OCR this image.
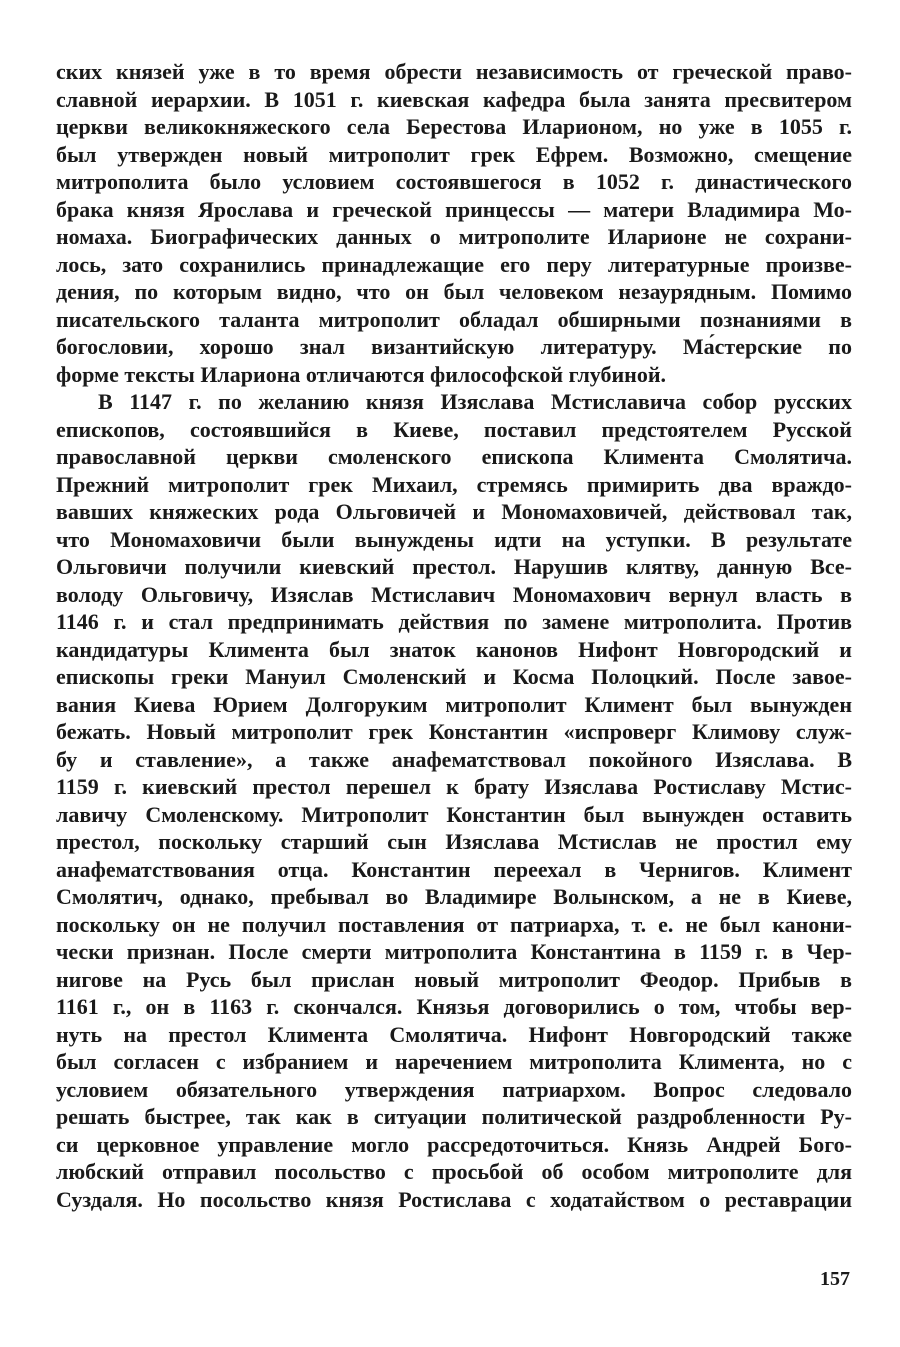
ских князей уже в то время обрести независимость от греческой право-
славной иерархии. В 1051 г. киевская кафедра была занята пресвитером
церкви великокняжеского села Берестова Иларионом, но уже в 1055 г.
был утвержден новый митрополит грек Ефрем. Возможно, смещение
митрополита было условием состоявшегося в 1052 г. династического
брака князя Ярослава и греческой принцессы — матери Владимира Мо-
номаха. Биографических данных о митрополите Иларионе не сохрани-
лось, зато сохранились принадлежащие его перу литературные произве-
дения, по которым видно, что он был человеком незаурядным. Помимо
писательского таланта митрополит обладал обширными познаниями в
богословии, хорошо знал византийскую литературу. Ма́стерские по
форме тексты Илариона отличаются философской глубиной.
В 1147 г. по желанию князя Изяслава Мстиславича собор русских
епископов, состоявшийся в Киеве, поставил предстоятелем Русской
православной церкви смоленского епископа Климента Смолятича.
Прежний митрополит грек Михаил, стремясь примирить два враждо-
вавших княжеских рода Ольговичей и Мономаховичей, действовал так,
что Мономаховичи были вынуждены идти на уступки. В результате
Ольговичи получили киевский престол. Нарушив клятву, данную Все-
володу Ольговичу, Изяслав Мстиславич Мономахович вернул власть в
1146 г. и стал предпринимать действия по замене митрополита. Против
кандидатуры Климента был знаток канонов Нифонт Новгородский и
епископы греки Мануил Смоленский и Косма Полоцкий. После завое-
вания Киева Юрием Долгоруким митрополит Климент был вынужден
бежать. Новый митрополит грек Константин «испроверг Климову служ-
бу и ставление», а также анафематствовал покойного Изяслава. В
1159 г. киевский престол перешел к брату Изяслава Ростиславу Мстис-
лавичу Смоленскому. Митрополит Константин был вынужден оставить
престол, поскольку старший сын Изяслава Мстислав не простил ему
анафематствования отца. Константин переехал в Чернигов. Климент
Смолятич, однако, пребывал во Владимире Волынском, а не в Киеве,
поскольку он не получил поставления от патриарха, т. е. не был канони-
чески признан. После смерти митрополита Константина в 1159 г. в Чер-
нигове на Русь был прислан новый митрополит Феодор. Прибыв в
1161 г., он в 1163 г. скончался. Князья договорились о том, чтобы вер-
нуть на престол Климента Смолятича. Нифонт Новгородский также
был согласен с избранием и наречением митрополита Климента, но с
условием обязательного утверждения патриархом. Вопрос следовало
решать быстрее, так как в ситуации политической раздробленности Ру-
си церковное управление могло рассредоточиться. Князь Андрей Бого-
любский отправил посольство с просьбой об особом митрополите для
Суздаля. Но посольство князя Ростислава с ходатайством о реставрации
157
